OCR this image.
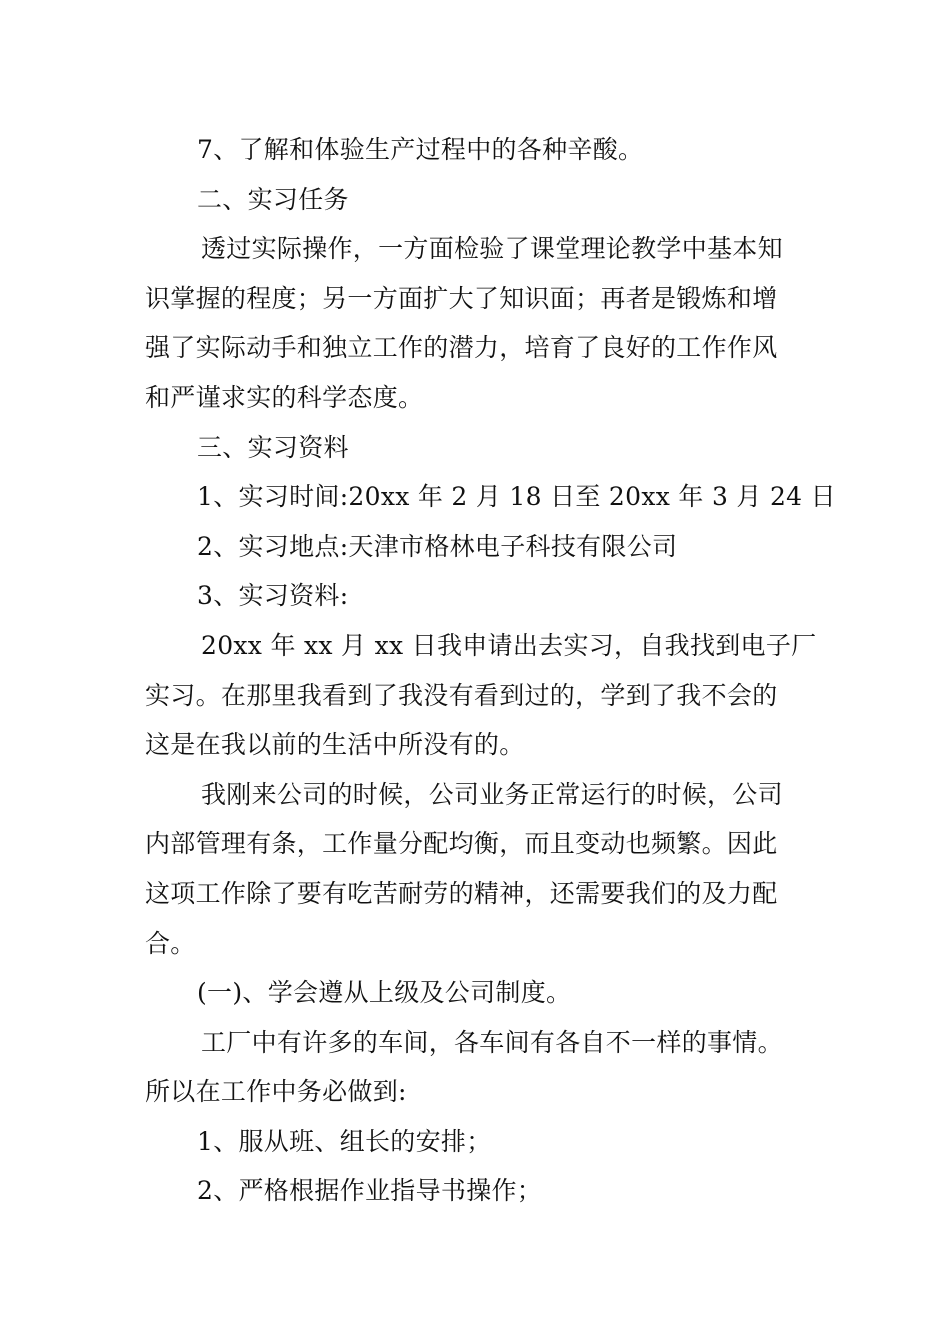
7、了解和体验生产过程中的各种辛酸。
二、实习任务
透过实际操作，一方面检验了课堂理论教学中基本知
识掌握的程度；另一方面扩大了知识面；再者是锻炼和增
强了实际动手和独立工作的潜力，培育了良好的工作作风
和严谨求实的科学态度。
三、实习资料
1、实习时间:20xx 年 2 月 18 日至 20xx 年 3 月 24 日
2、实习地点:天津市格林电子科技有限公司
3、实习资料:
20xx 年 xx 月 xx 日我申请出去实习，自我找到电子厂
实习。在那里我看到了我没有看到过的，学到了我不会的
这是在我以前的生活中所没有的。
我刚来公司的时候，公司业务正常运行的时候，公司
内部管理有条，工作量分配均衡，而且变动也频繁。因此
这项工作除了要有吃苦耐劳的精神，还需要我们的及力配
合。
(一)、学会遵从上级及公司制度。
工厂中有许多的车间，各车间有各自不一样的事情。
所以在工作中务必做到:
1、服从班、组长的安排；
2、严格根据作业指导书操作；
